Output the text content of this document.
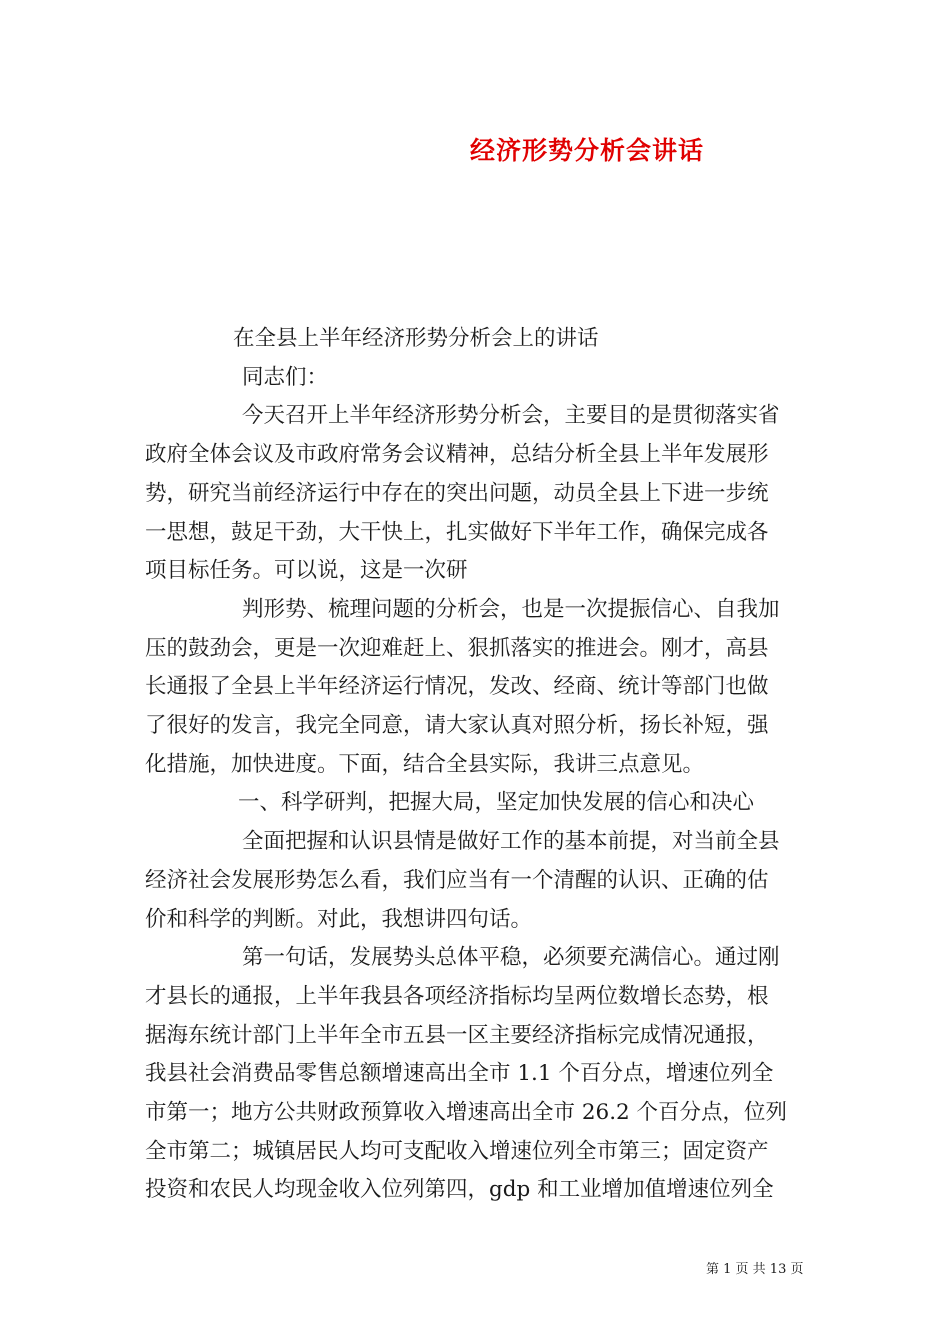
经济形势分析会讲话
在全县上半年经济形势分析会上的讲话
同志们：
今天召开上半年经济形势分析会，主要目的是贯彻落实省
政府全体会议及市政府常务会议精神，总结分析全县上半年发展形
势，研究当前经济运行中存在的突出问题，动员全县上下进一步统
一思想，鼓足干劲，大干快上，扎实做好下半年工作，确保完成各
项目标任务。可以说，这是一次研
判形势、梳理问题的分析会，也是一次提振信心、自我加
压的鼓劲会，更是一次迎难赶上、狠抓落实的推进会。刚才，高县
长通报了全县上半年经济运行情况，发改、经商、统计等部门也做
了很好的发言，我完全同意，请大家认真对照分析，扬长补短，强
化措施，加快进度。下面，结合全县实际，我讲三点意见。
一、科学研判，把握大局，坚定加快发展的信心和决心
全面把握和认识县情是做好工作的基本前提，对当前全县
经济社会发展形势怎么看，我们应当有一个清醒的认识、正确的估
价和科学的判断。对此，我想讲四句话。
第一句话，发展势头总体平稳，必须要充满信心。通过刚
才县长的通报，上半年我县各项经济指标均呈两位数增长态势，根
据海东统计部门上半年全市五县一区主要经济指标完成情况通报，
我县社会消费品零售总额增速高出全市 1.1 个百分点，增速位列全
市第一；地方公共财政预算收入增速高出全市 26.2 个百分点，位列
全市第二；城镇居民人均可支配收入增速位列全市第三；固定资产
投资和农民人均现金收入位列第四，gdp 和工业增加值增速位列全
第 1 页 共 13 页
